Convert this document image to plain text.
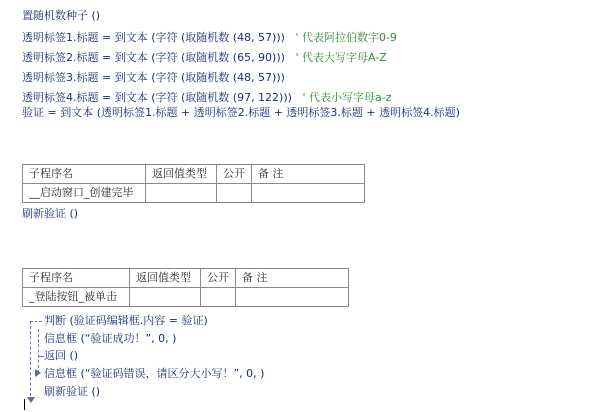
置随机数种子 ()
透明标签1.标题 = 到文本 (字符 (取随机数 (48, 57))) ' 代表阿拉伯数字0-9
透明标签2.标题 = 到文本 (字符 (取随机数 (65, 90))) ' 代表大写字母A-Z
透明标签3.标题 = 到文本 (字符 (取随机数 (48, 57)))
透明标签4.标题 = 到文本 (字符 (取随机数 (97, 122))) ' 代表小写字母a-z
验证 = 到文本 (透明标签1.标题 + 透明标签2.标题 + 透明标签3.标题 + 透明标签4.标题)
子程序名	返回值类型	公开	备 注
__启动窗口_创建完毕			
刷新验证 ()
子程序名	返回值类型	公开	备 注
_登陆按钮_被单击			
判断 (验证码编辑框.内容 = 验证)
信息框 (“验证成功！”, 0, )
返回 ()
信息框 (“验证码错误，请区分大小写！”, 0, )
刷新验证 ()
